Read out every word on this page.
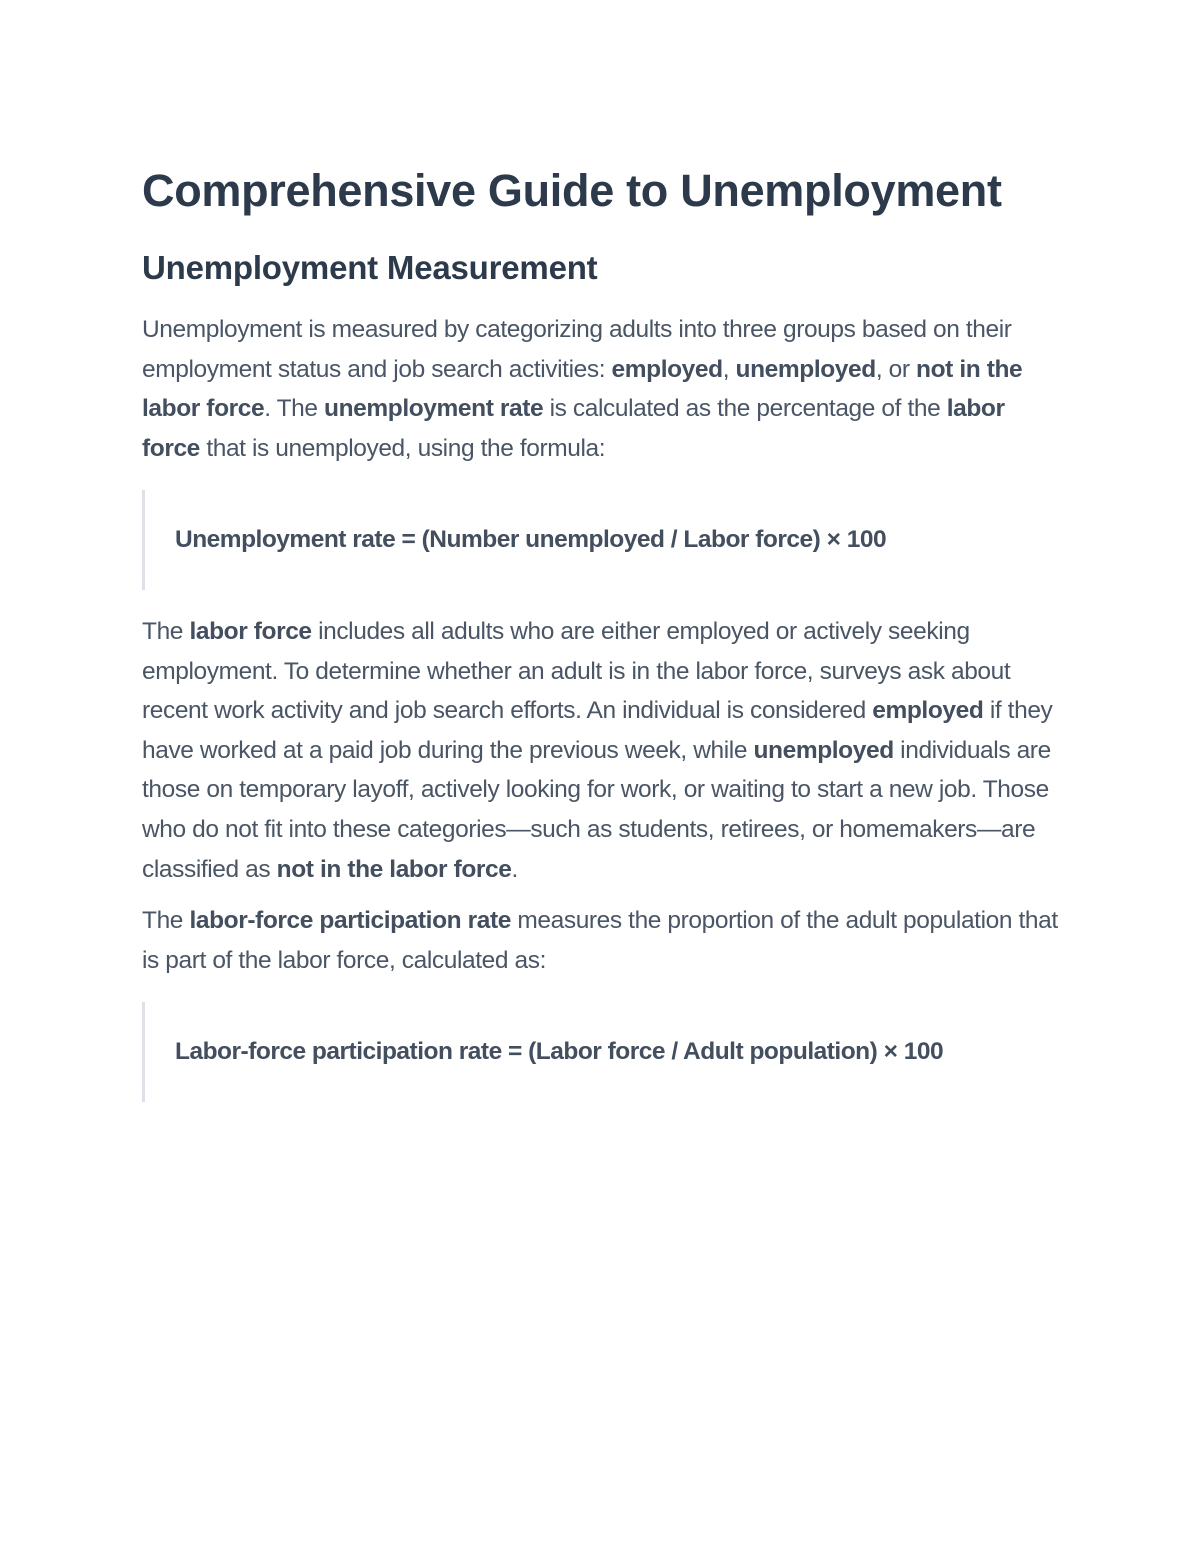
Comprehensive Guide to Unemployment
Unemployment Measurement

Unemployment is measured by categorizing adults into three groups based on their employment status and job search activities: employed, unemployed, or not in the labor force. The unemployment rate is calculated as the percentage of the labor force that is unemployed, using the formula:

Unemployment rate = (Number unemployed / Labor force) × 100

The labor force includes all adults who are either employed or actively seeking employment. To determine whether an adult is in the labor force, surveys ask about recent work activity and job search efforts. An individual is considered employed if they have worked at a paid job during the previous week, while unemployed individuals are those on temporary layoff, actively looking for work, or waiting to start a new job. Those who do not fit into these categories—such as students, retirees, or homemakers—are classified as not in the labor force.

The labor-force participation rate measures the proportion of the adult population that is part of the labor force, calculated as:

Labor-force participation rate = (Labor force / Adult population) × 100
